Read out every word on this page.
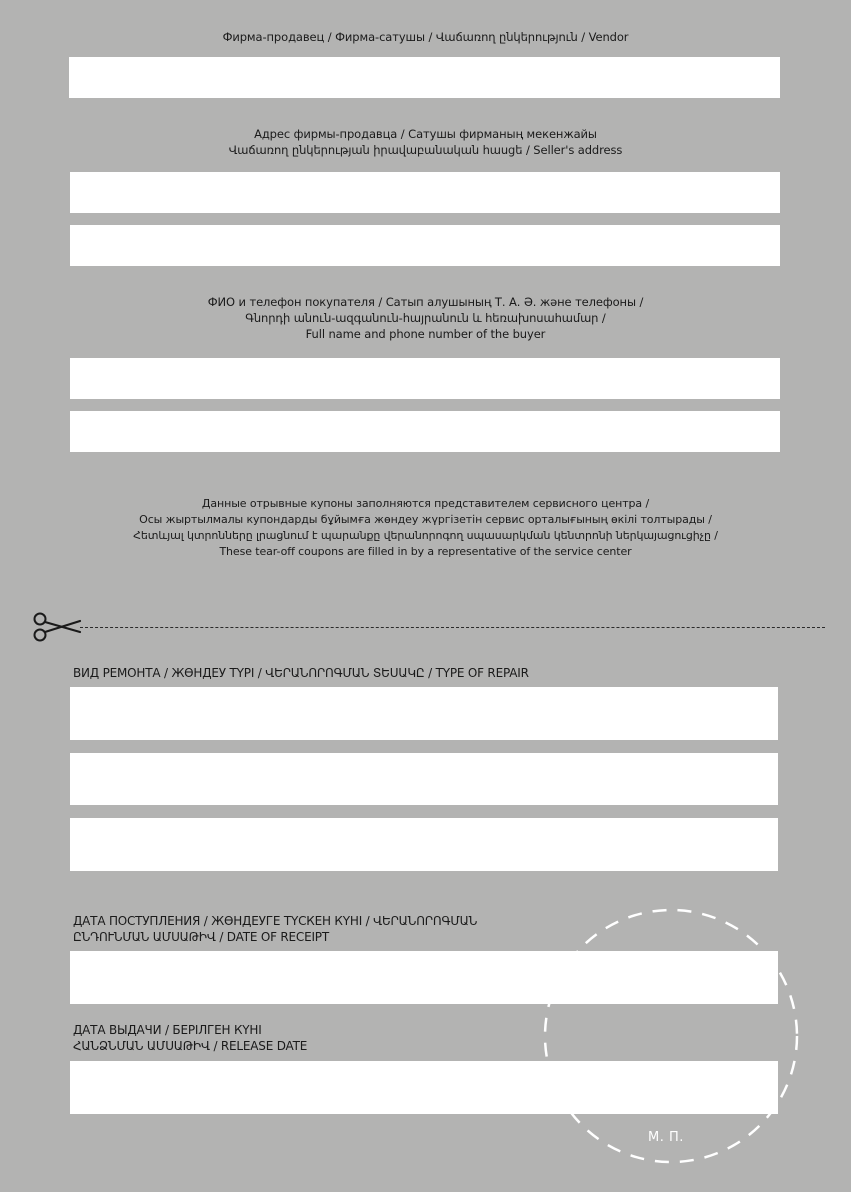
Фирма-продавец / Фирма-сатушы / Վաճառող ընկերություն / Vendor
Адрес фирмы-продавца / Сатушы фирманың мекенжайы
Վաճառող ընկերության իրավաբանական հասցե / Seller's address
ФИО и телефон покупателя / Сатып алушының Т. А. Ә. және телефоны /
Գնորդի անուն-ազգանուն-հայրանուն և հեռախոսահամար /
Full name and phone number of the buyer
Данные отрывные купоны заполняются представителем сервисного центра /
Осы жыртылмалы купондарды бұйымға жөндеу жүргізетін сервис орталығының өкілі толтырады /
Հետևյալ կտրոնները լրացնում է պարանքը վերանորոգող սպասարկման կենտրոնի ներկայացուցիչը /
These tear-off coupons are filled in by a representative of the service center
ВИД РЕМОНТА / ЖӨНДЕУ ТҮРІ / ՎԵՐԱՆՈՐՈԳՄԱՆ ՏԵՍԱԿԸ / TYPE OF REPAIR
ДАТА ПОСТУПЛЕНИЯ / ЖӨНДЕУГЕ ТҮСКЕН КҮНІ / ՎԵՐԱՆՈՐՈԳՄԱՆ
ԸՆԴՈՒՆՄԱՆ ԱՄՍԱԹԻՎ / DATE OF RECEIPT
ДАТА ВЫДАЧИ / БЕРІЛГЕН КҮНІ
ՀԱՆՁՆՄԱՆ ԱՄՍԱԹԻՎ / RELEASE DATE
М. П.
